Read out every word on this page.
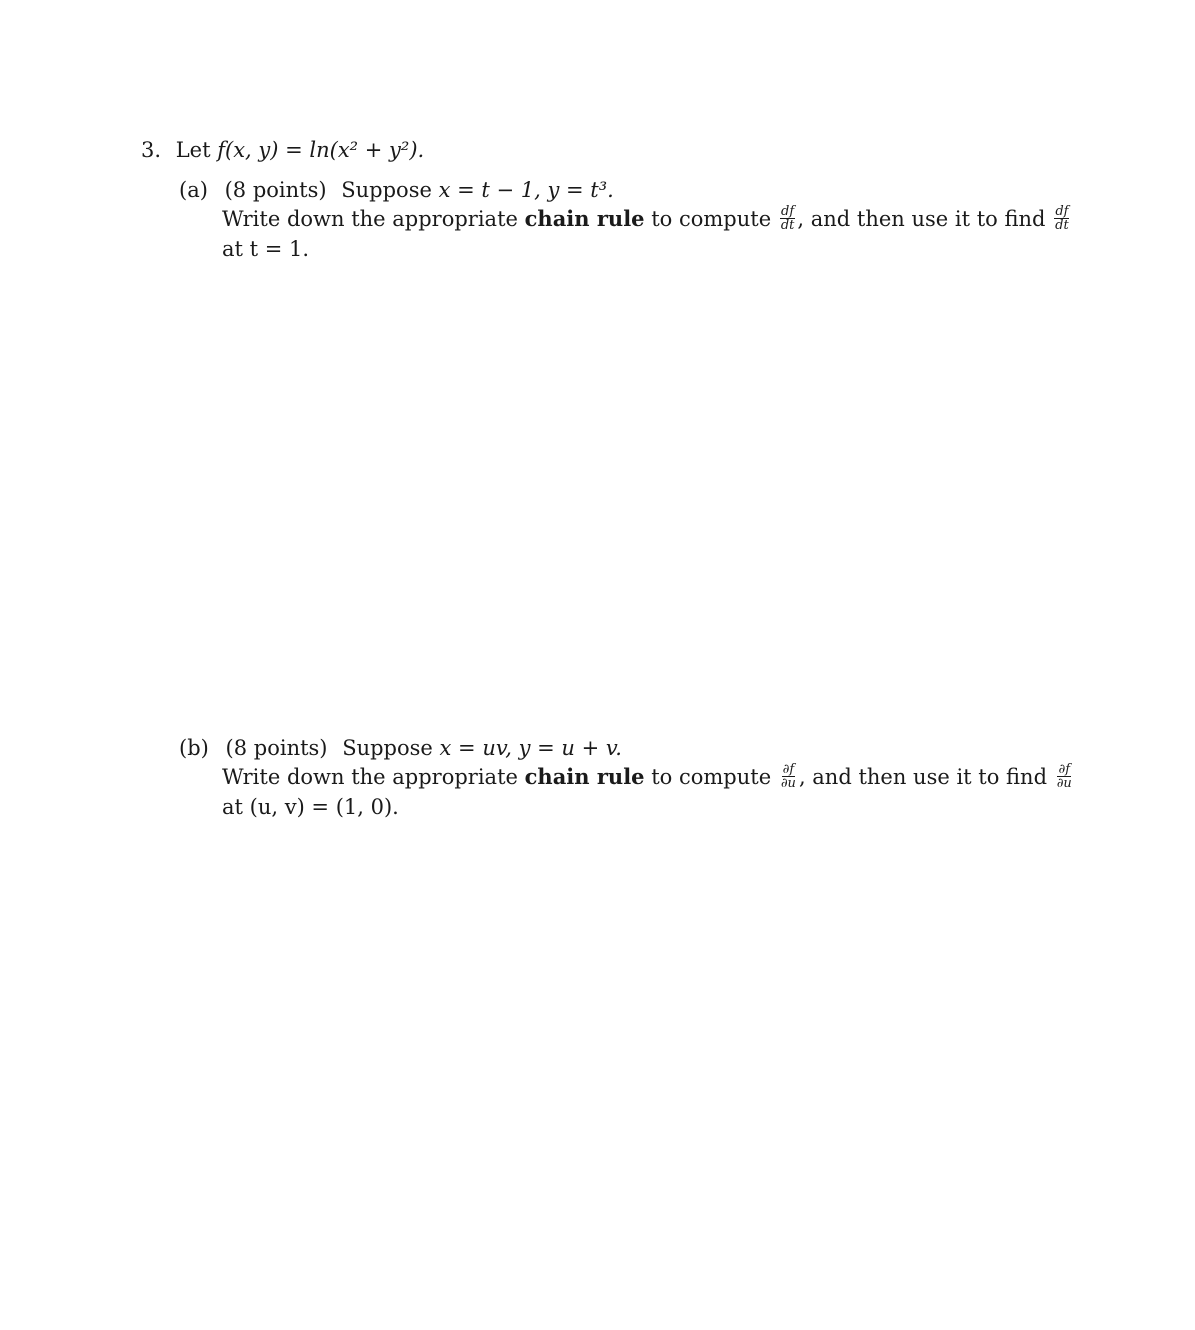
3. Let f(x, y) = ln(x² + y²).
(a) (8 points) Suppose x = t − 1, y = t³.
Write down the appropriate chain rule to compute $\frac{df}{dt}$ , and then use it to find $\frac{df}{dt}$
at t = 1.
(b) (8 points) Suppose x = uv, y = u + v.
Write down the appropriate chain rule to compute $\frac{\partial f}{\partial u}$ , and then use it to find $\frac{\partial f}{\partial u}$
at (u, v) = (1, 0).
